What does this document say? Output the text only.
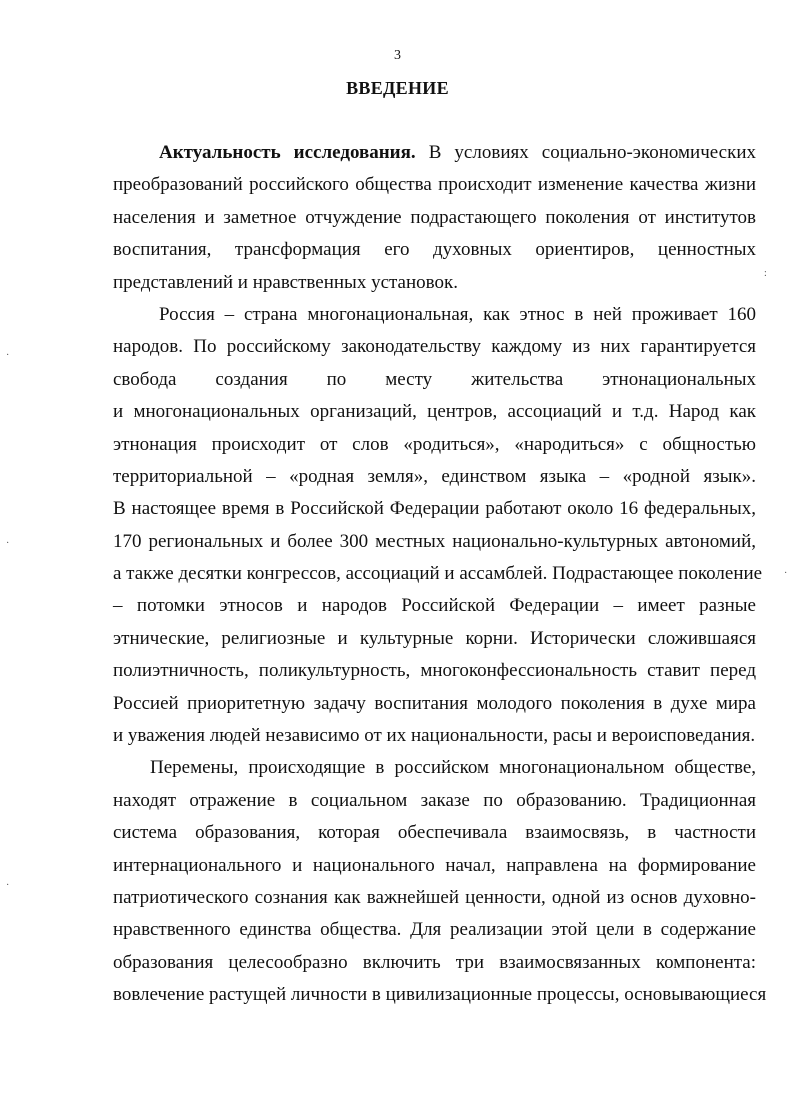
3
ВВЕДЕНИЕ
Актуальность исследования. В условиях социально-экономических
преобразований российского общества происходит изменение качества жизни
населения и заметное отчуждение подрастающего поколения от институтов
воспитания, трансформация его духовных ориентиров, ценностных
представлений и нравственных установок.
Россия – страна многонациональная, как этнос в ней проживает 160
народов. По российскому законодательству каждому из них гарантируется
свобода создания по месту жительства этнонациональных
и многонациональных организаций, центров, ассоциаций и т.д. Народ как
этнонация происходит от слов «родиться», «народиться» с общностью
территориальной – «родная земля», единством языка – «родной язык».
В настоящее время в Российской Федерации работают около 16 федеральных,
170 региональных и более 300 местных национально-культурных автономий,
а также десятки конгрессов, ассоциаций и ассамблей. Подрастающее поколение
– потомки этносов и народов Российской Федерации – имеет разные
этнические, религиозные и культурные корни. Исторически сложившаяся
полиэтничность, поликультурность, многоконфессиональность ставит перед
Россией приоритетную задачу воспитания молодого поколения в духе мира
и уважения людей независимо от их национальности, расы и вероисповедания.
Перемены, происходящие в российском многонациональном обществе,
находят отражение в социальном заказе по образованию. Традиционная
система образования, которая обеспечивала взаимосвязь, в частности
интернационального и национального начал, направлена на формирование
патриотического сознания как важнейшей ценности, одной из основ духовно-
нравственного единства общества. Для реализации этой цели в содержание
образования целесообразно включить три взаимосвязанных компонента:
вовлечение растущей личности в цивилизационные процессы, основывающиеся
·
·
·
:
·
